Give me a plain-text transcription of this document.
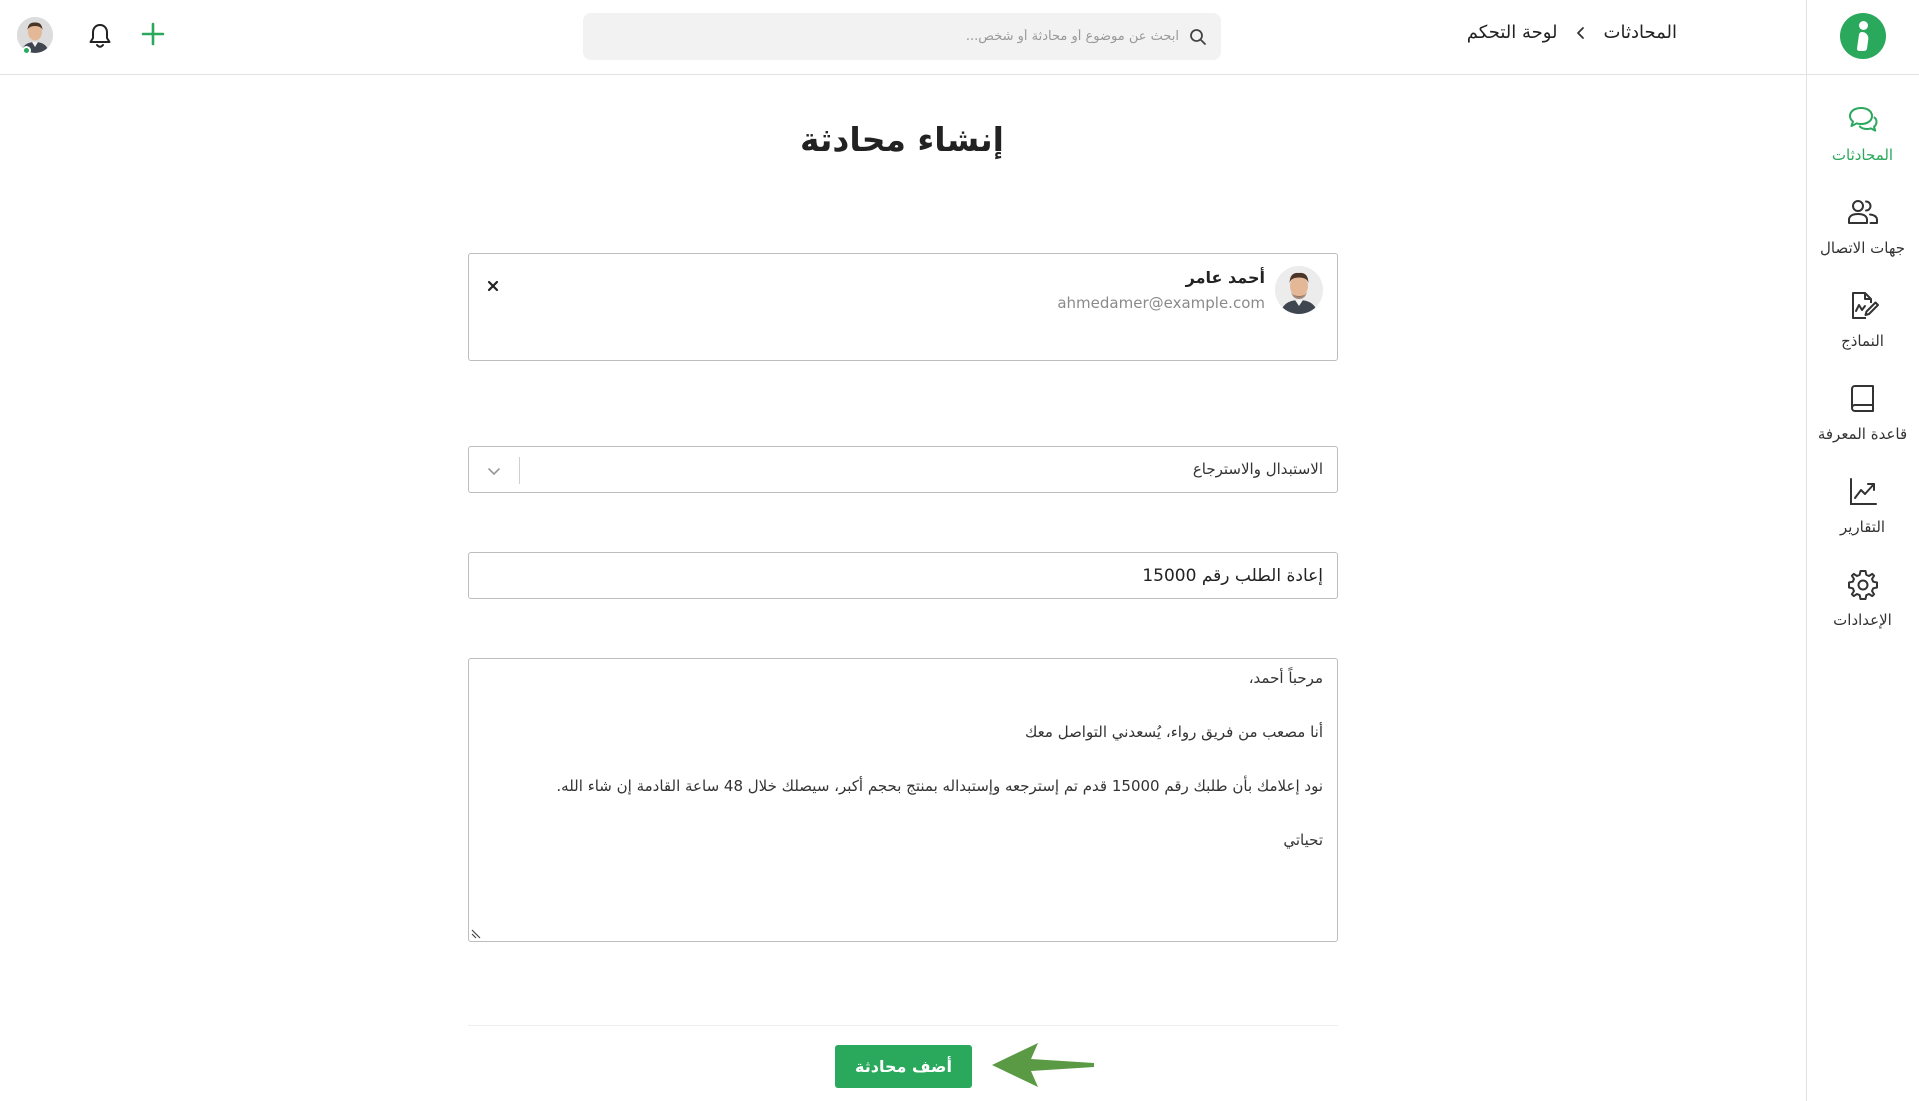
ابحث عن موضوع أو محادثة أو شخص...
لوحة التحكم	المحادثات
المحادثات
جهات الاتصال
النماذج
قاعدة المعرفة
التقارير
الإعدادات
إنشاء محادثة
أحمد عامر
ahmedamer@example.com
الاستبدال والاسترجاع
إعادة الطلب رقم 15000
مرحباً أحمد،
أنا مصعب من فريق رواء، يُسعدني التواصل معك
نود إعلامك بأن طلبك رقم 15000 قدم تم إسترجعه وإستبداله بمنتج بحجم أكبر، سيصلك خلال 48 ساعة القادمة إن شاء الله.
تحياتي
أضف محادثة
